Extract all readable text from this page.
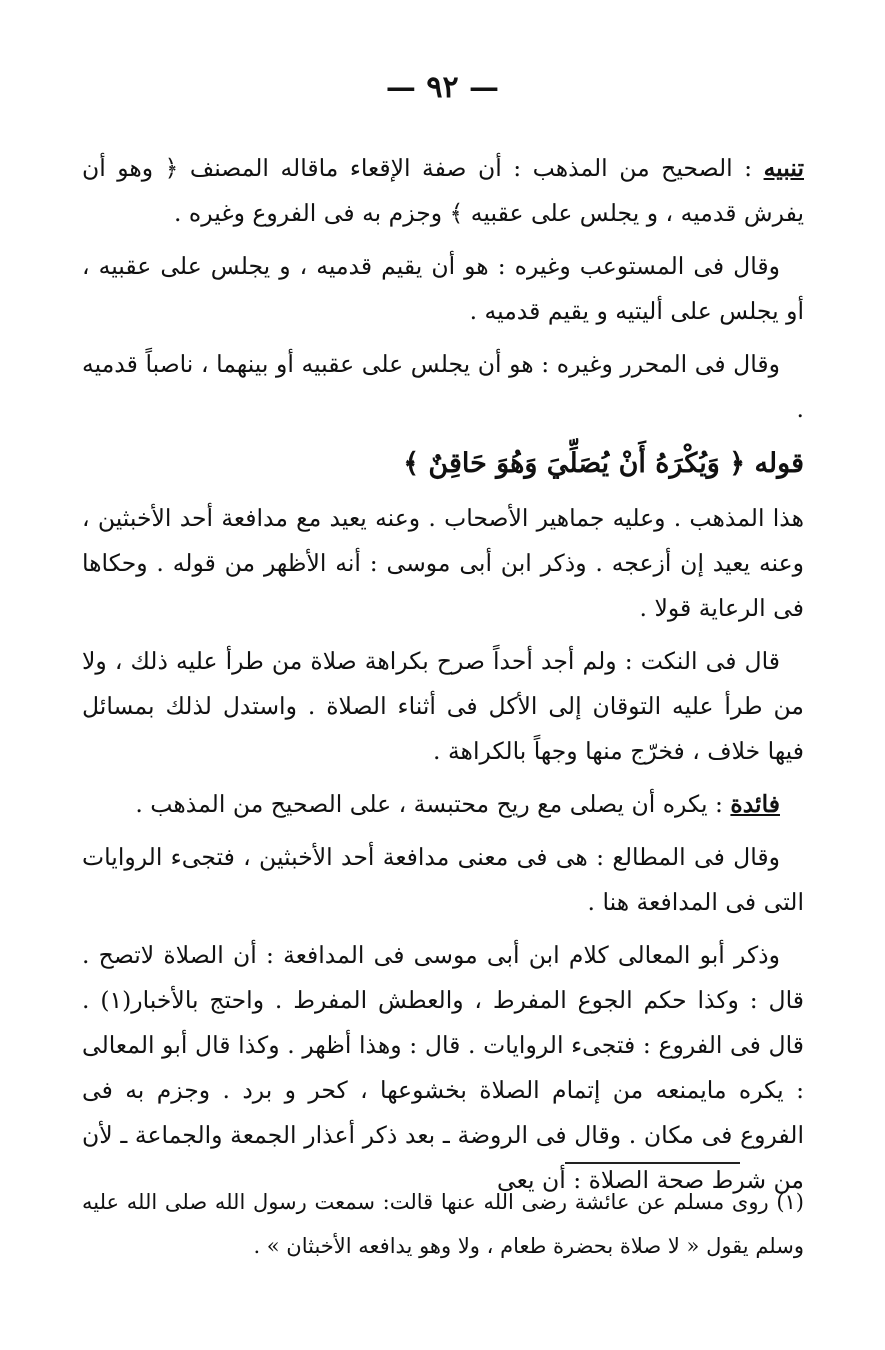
— ٩٢ —

تنبيه : الصحيح من المذهب : أن صفة الإقعاء ماقاله المصنف ﴿ وهو أن يفرش قدميه ، و يجلس على عقبيه ﴾ وجزم به فى الفروع وغيره .

وقال فى المستوعب وغيره : هو أن يقيم قدميه ، و يجلس على عقبيه ، أو يجلس على أليتيه و يقيم قدميه .

وقال فى المحرر وغيره : هو أن يجلس على عقبيه أو بينهما ، ناصباً قدميه .

قوله ﴿ وَيُكْرَهُ أَنْ يُصَلِّيَ وَهُوَ حَاقِنٌ ﴾

هذا المذهب . وعليه جماهير الأصحاب . وعنه يعيد مع مدافعة أحد الأخبثين ، وعنه يعيد إن أزعجه . وذكر ابن أبى موسى : أنه الأظهر من قوله . وحكاها فى الرعاية قولا .

قال فى النكت : ولم أجد أحداً صرح بكراهة صلاة من طرأ عليه ذلك ، ولا من طرأ عليه التوقان إلى الأكل فى أثناء الصلاة . واستدل لذلك بمسائل فيها خلاف ، فخرّج منها وجهاً بالكراهة .

فائدة : يكره أن يصلى مع ريح محتبسة ، على الصحيح من المذهب .

وقال فى المطالع : هى فى معنى مدافعة أحد الأخبثين ، فتجىء الروايات التى فى المدافعة هنا .

وذكر أبو المعالى كلام ابن أبى موسى فى المدافعة : أن الصلاة لاتصح . قال : وكذا حكم الجوع المفرط ، والعطش المفرط . واحتج بالأخبار(١) . قال فى الفروع : فتجىء الروايات . قال : وهذا أظهر . وكذا قال أبو المعالى : يكره مايمنعه من إتمام الصلاة بخشوعها ، كحر و برد . وجزم به فى الفروع فى مكان . وقال فى الروضة ـ بعد ذكر أعذار الجمعة والجماعة ـ لأن من شرط صحة الصلاة : أن يعى

(١) روى مسلم عن عائشة رضى الله عنها قالت: سمعت رسول الله صلى الله عليه وسلم يقول « لا صلاة بحضرة طعام ، ولا وهو يدافعه الأخبثان » .
